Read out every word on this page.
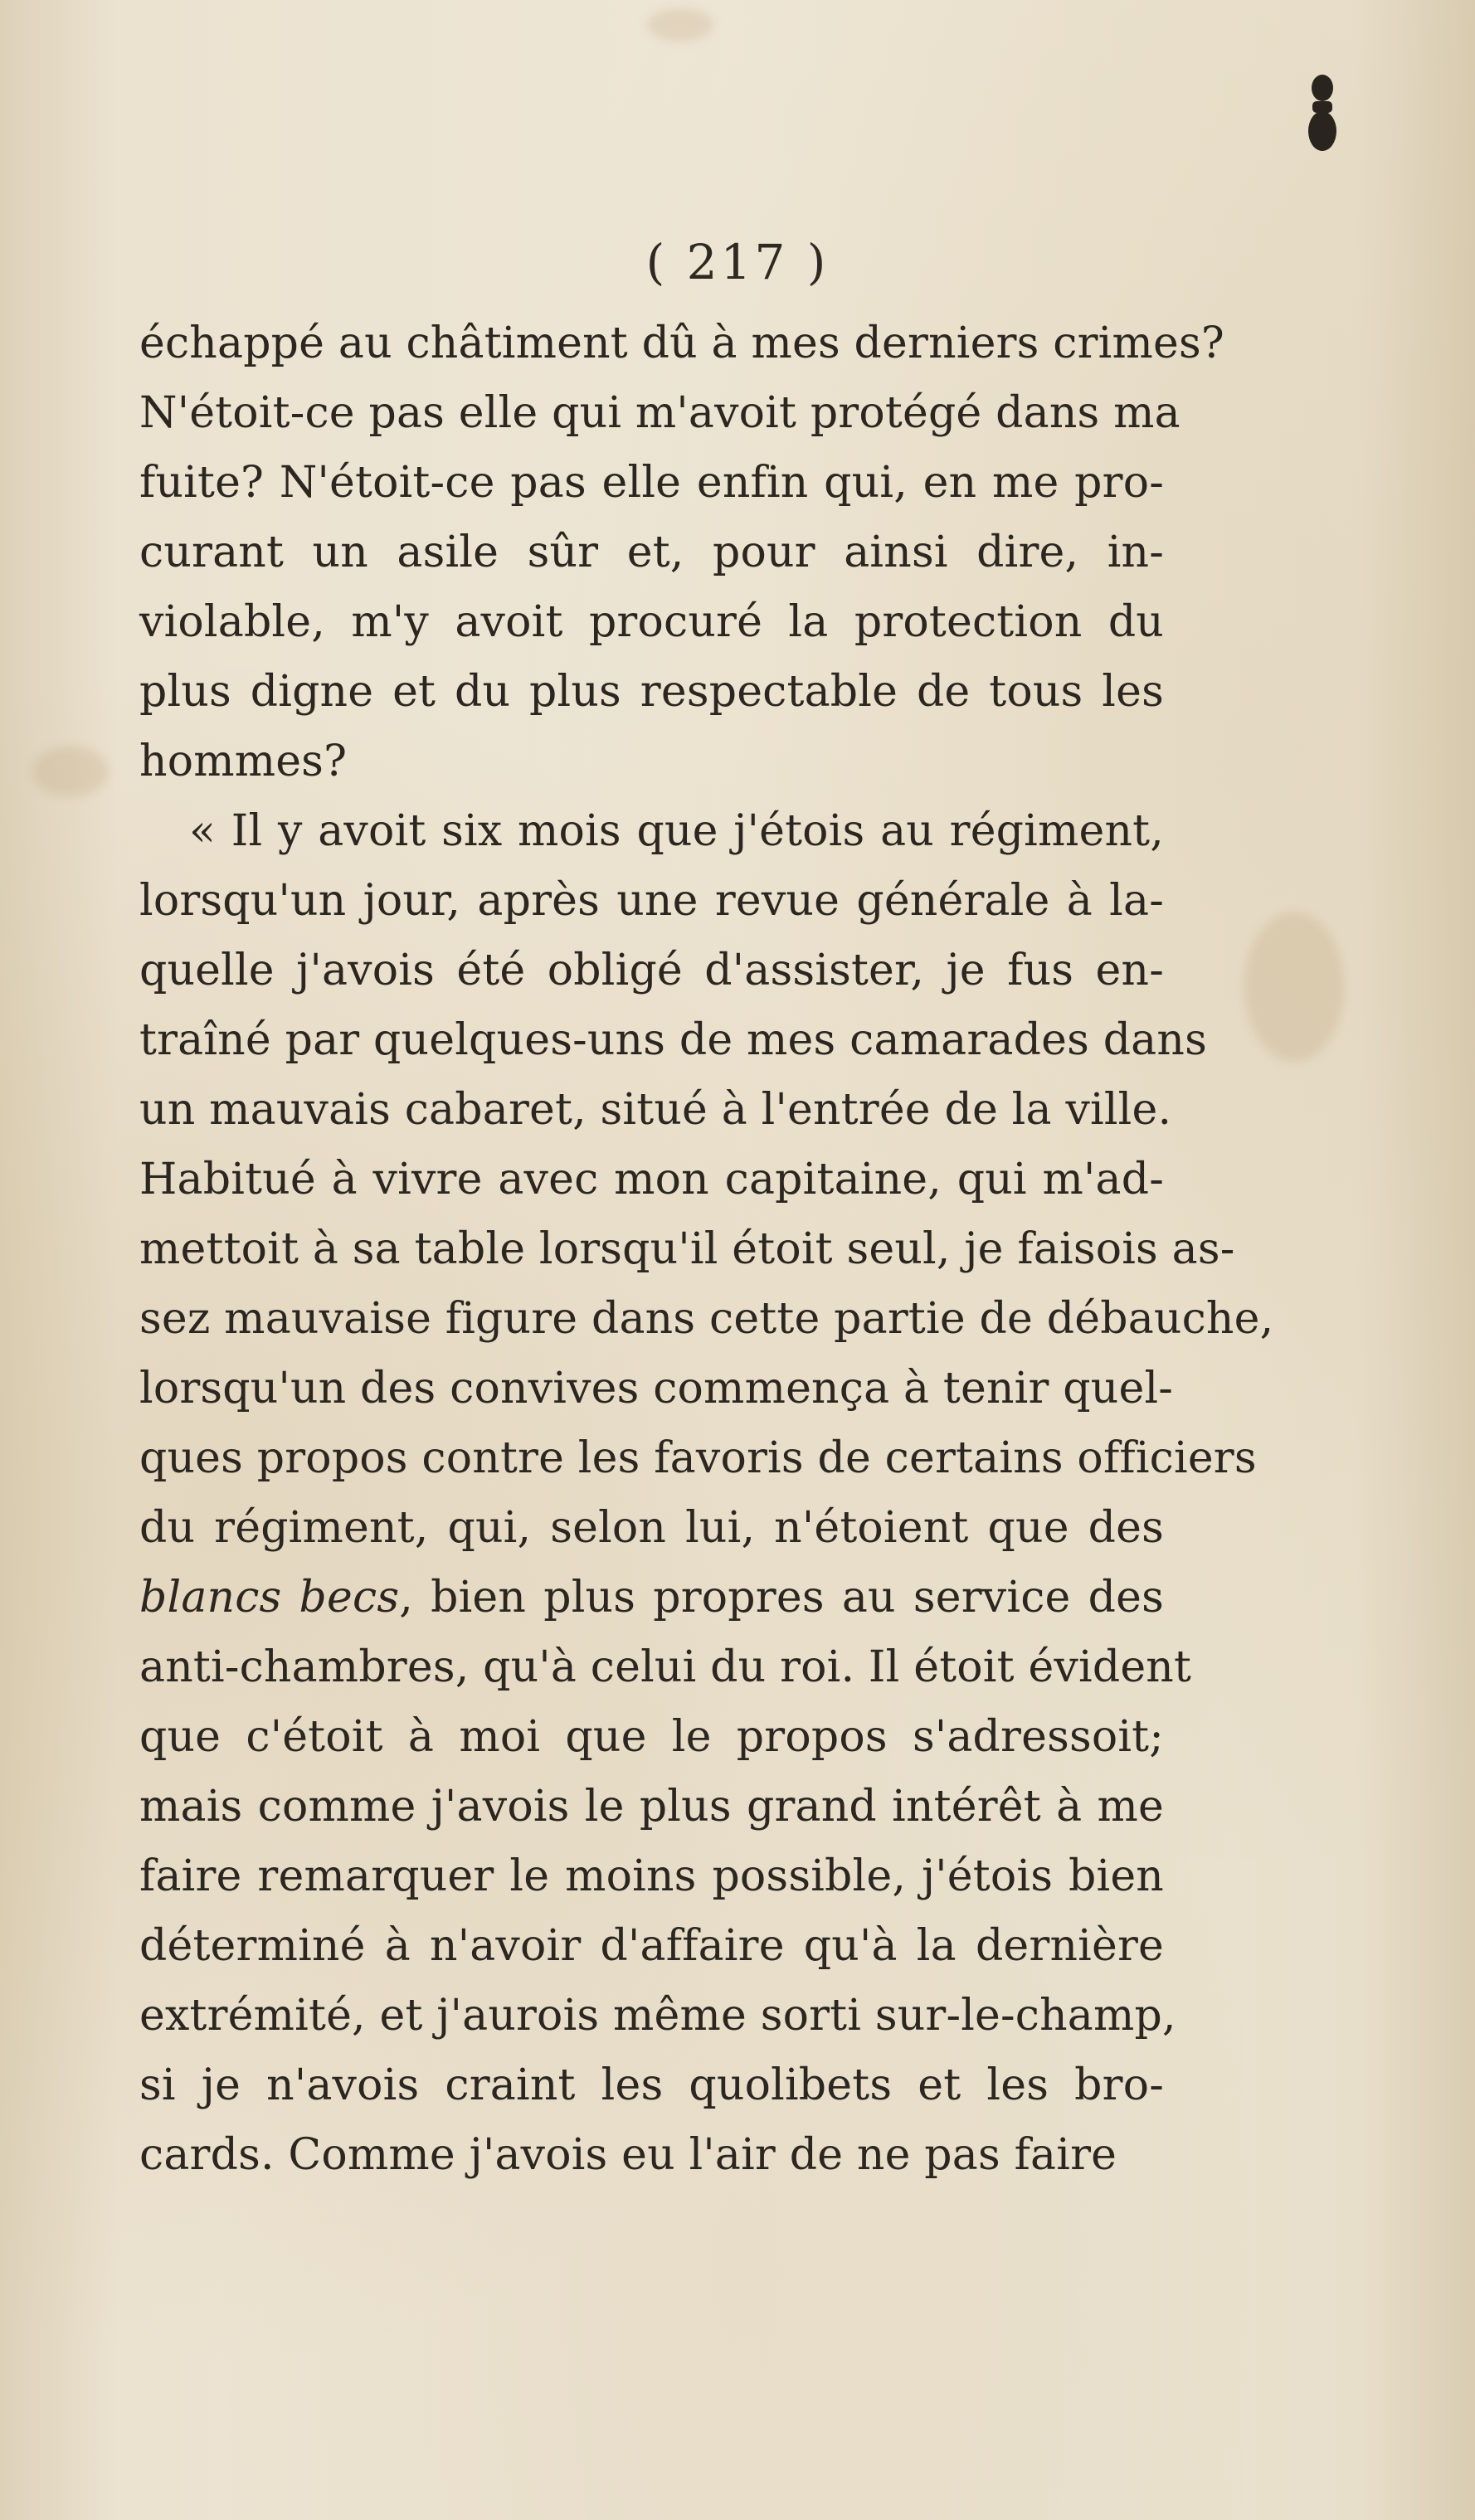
( 217 )
échappé au châtiment dû à mes derniers crimes?
N'étoit-ce pas elle qui m'avoit protégé dans ma
fuite? N'étoit-ce pas elle enfin qui, en me pro-
curant un asile sûr et, pour ainsi dire, in-
violable, m'y avoit procuré la protection du
plus digne et du plus respectable de tous les
hommes?
« Il y avoit six mois que j'étois au régiment,
lorsqu'un jour, après une revue générale à la-
quelle j'avois été obligé d'assister, je fus en-
traîné par quelques-uns de mes camarades dans
un mauvais cabaret, situé à l'entrée de la ville.
Habitué à vivre avec mon capitaine, qui m'ad-
mettoit à sa table lorsqu'il étoit seul, je faisois as-
sez mauvaise figure dans cette partie de débauche,
lorsqu'un des convives commença à tenir quel-
ques propos contre les favoris de certains officiers
du régiment, qui, selon lui, n'étoient que des
blancs becs, bien plus propres au service des
anti-chambres, qu'à celui du roi. Il étoit évident
que c'étoit à moi que le propos s'adressoit;
mais comme j'avois le plus grand intérêt à me
faire remarquer le moins possible, j'étois bien
déterminé à n'avoir d'affaire qu'à la dernière
extrémité, et j'aurois même sorti sur-le-champ,
si je n'avois craint les quolibets et les bro-
cards. Comme j'avois eu l'air de ne pas faire
